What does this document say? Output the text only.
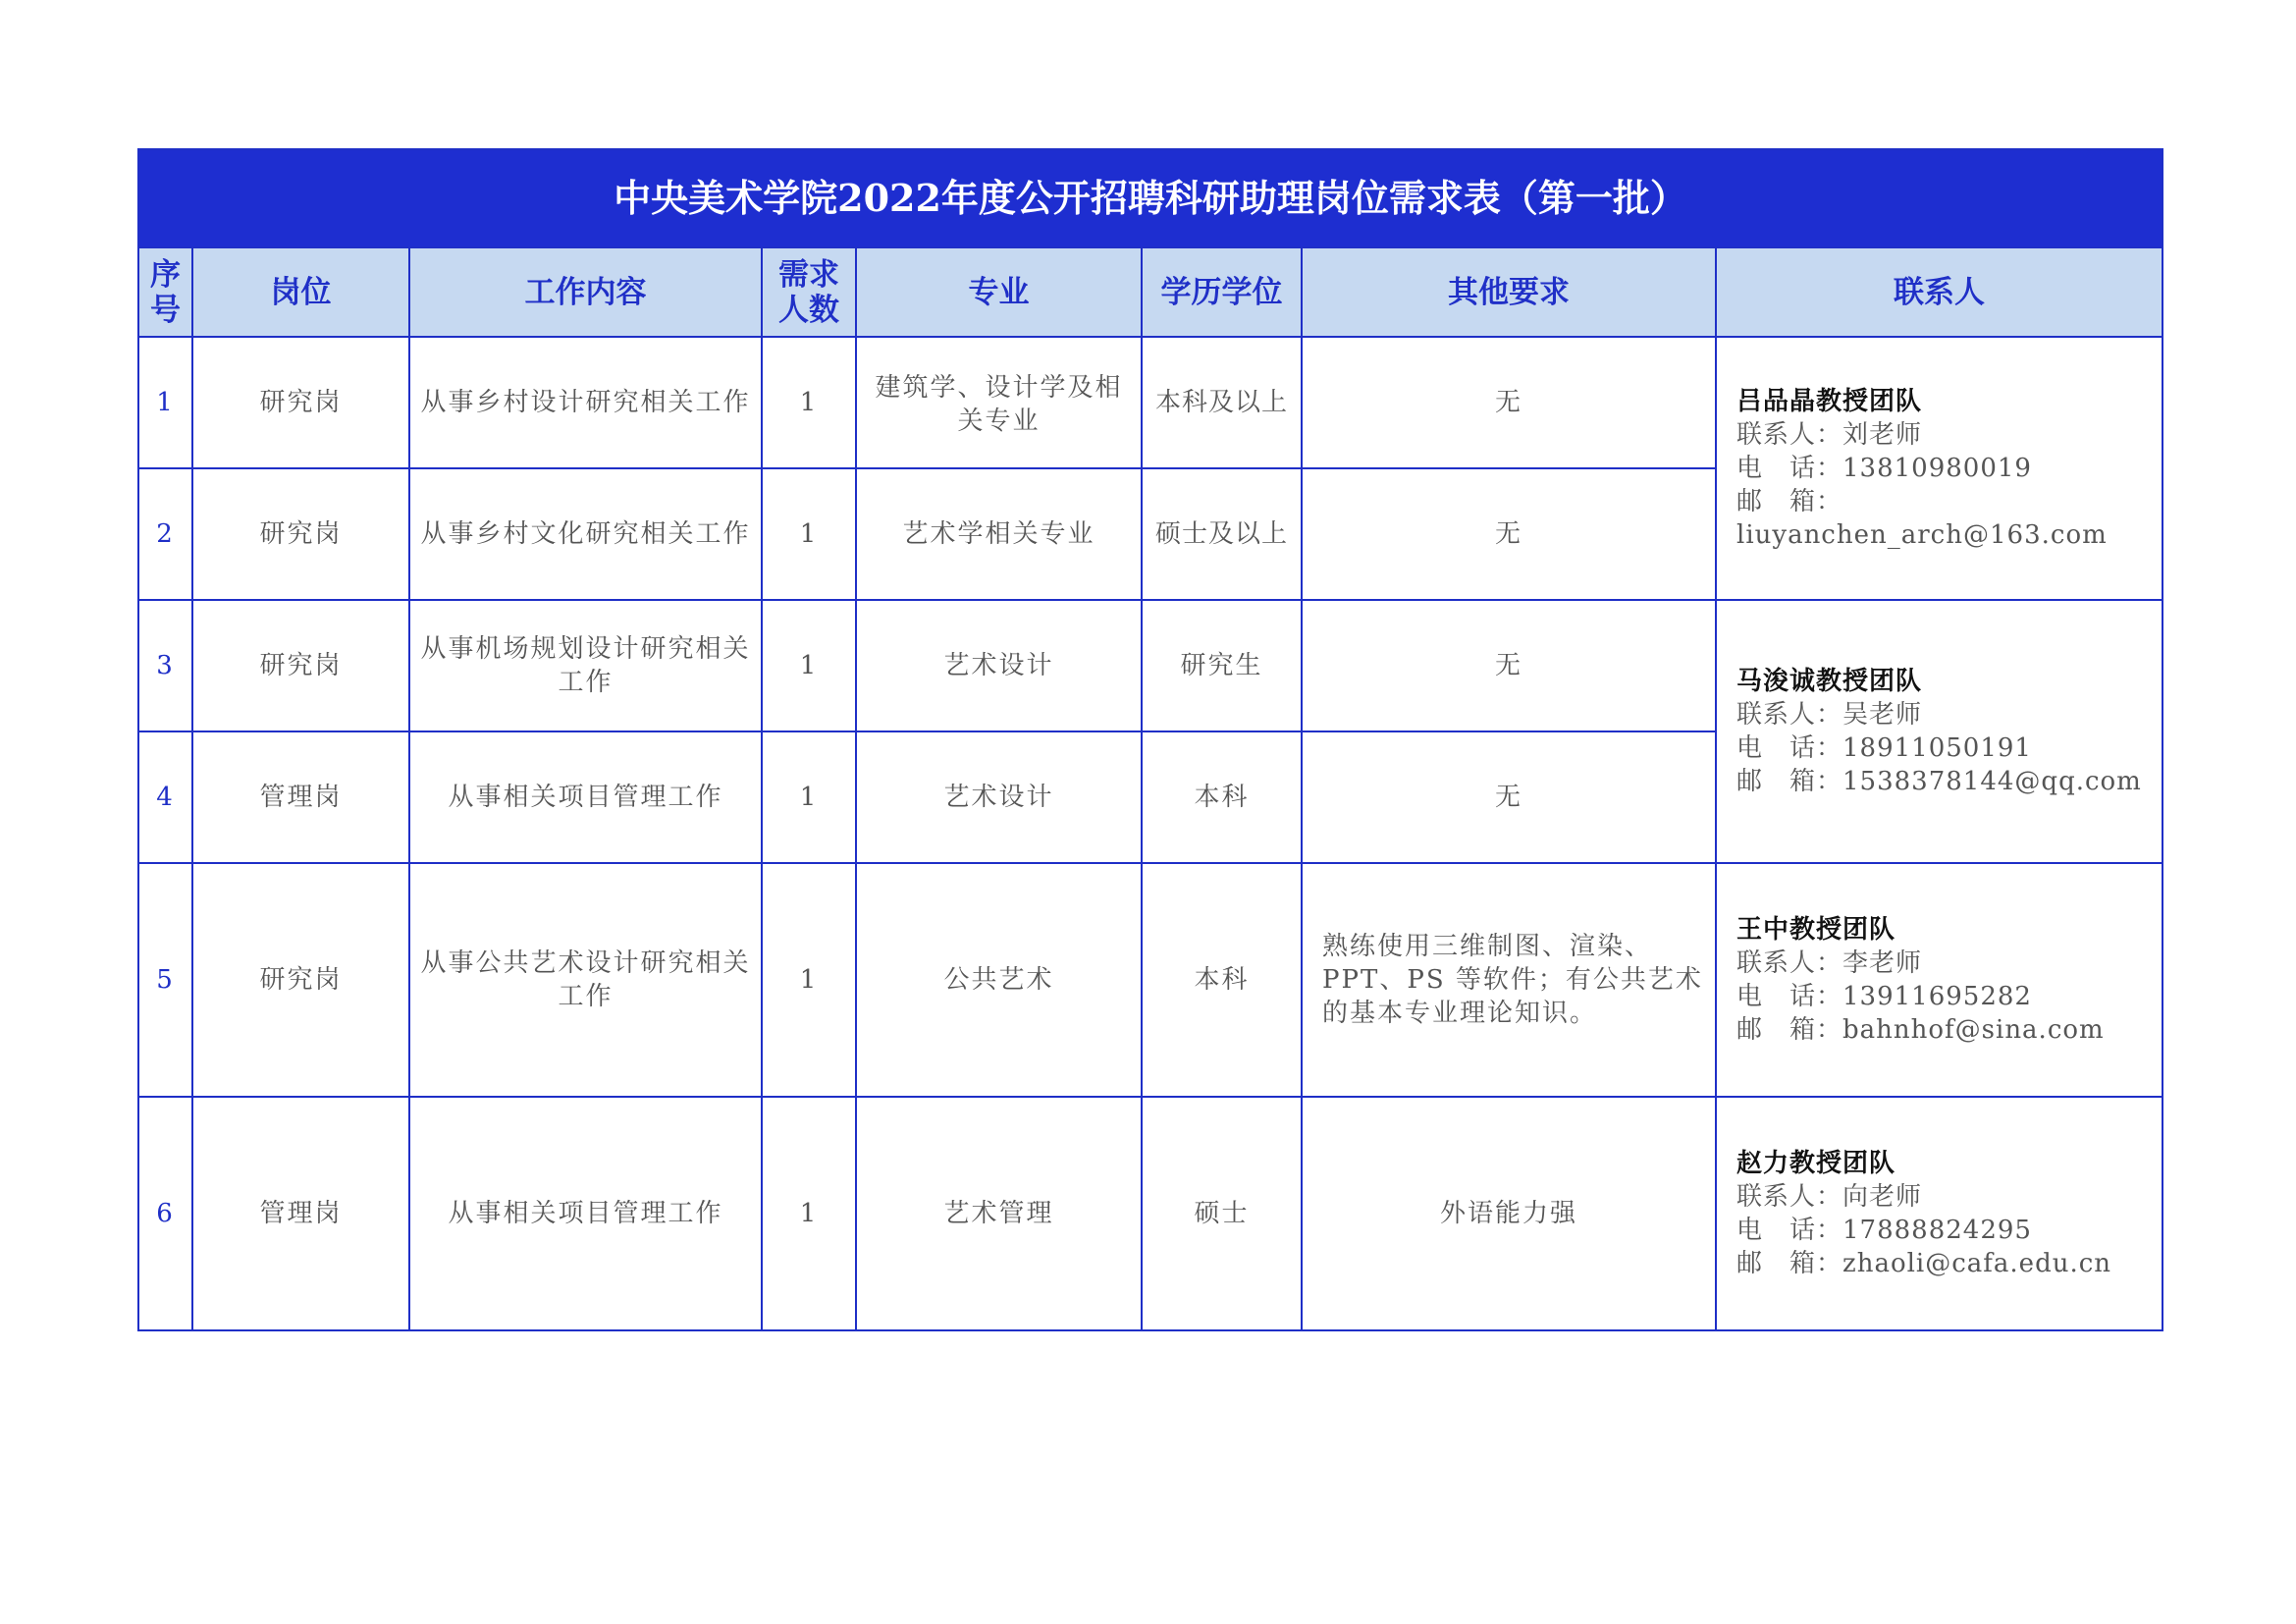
中央美术学院2022年度公开招聘科研助理岗位需求表（第一批）							
序号	岗位	工作内容	需求人数	专业	学历学位	其他要求	联系人
1	研究岗	从事乡村设计研究相关工作	1	建筑学、设计学及相关专业	本科及以上	无	吕品晶教授团队
联系人：刘老师
电　话：13810980019
邮　箱：
liuyanchen_arch@163.com

2	研究岗	从事乡村文化研究相关工作	1	艺术学相关专业	硕士及以上	无	
3	研究岗	从事机场规划设计研究相关工作	1	艺术设计	研究生	无	马浚诚教授团队
联系人：吴老师
电　话：18911050191
邮　箱：1538378144@qq.com

4	管理岗	从事相关项目管理工作	1	艺术设计	本科	无	
5	研究岗	从事公共艺术设计研究相关工作	1	公共艺术	本科	熟练使用三维制图、渲染、PPT、PS 等软件；有公共艺术的基本专业理论知识。	王中教授团队
联系人：李老师
电　话：13911695282
邮　箱：bahnhof@sina.com

6	管理岗	从事相关项目管理工作	1	艺术管理	硕士	外语能力强	赵力教授团队
联系人：向老师
电　话：17888824295
邮　箱：zhaoli@cafa.edu.cn
